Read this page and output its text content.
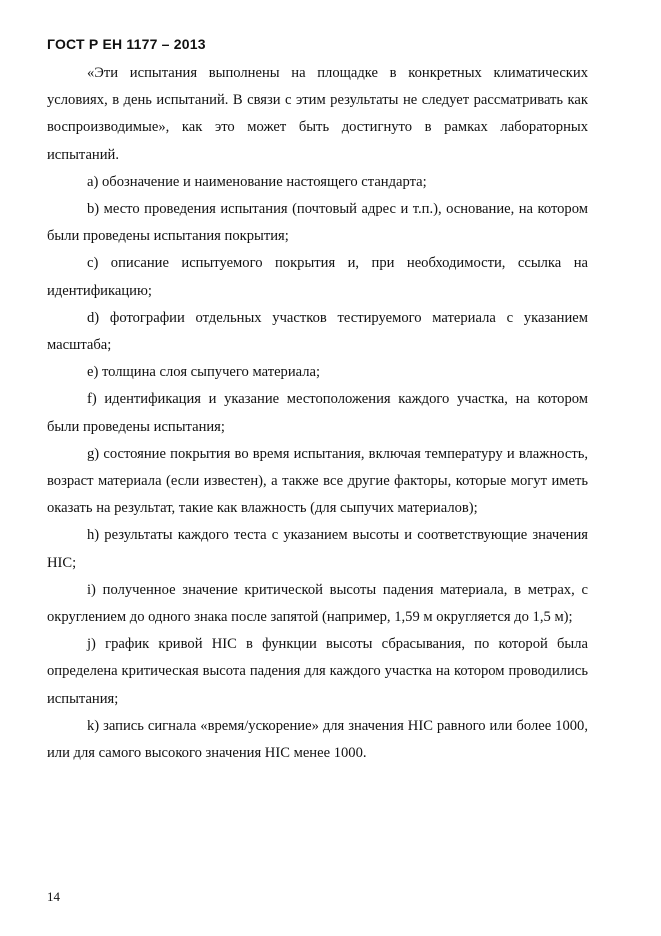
ГОСТ Р ЕН 1177 – 2013

«Эти испытания выполнены на площадке в конкретных климатических условиях, в день испытаний. В связи с этим результаты не следует рассматривать как воспроизводимые», как это может быть достигнуто в рамках лабораторных испытаний.

а) обозначение и наименование настоящего стандарта;

b) место проведения испытания (почтовый адрес и т.п.), основание, на котором были проведены испытания покрытия;

c) описание испытуемого покрытия и, при необходимости, ссылка на идентификацию;

d) фотографии отдельных участков тестируемого материала с указанием масштаба;

e) толщина слоя сыпучего материала;

f) идентификация и указание местоположения каждого участка, на котором были проведены испытания;

g) состояние покрытия во время испытания, включая температуру и влажность, возраст материала (если известен), а также все другие факторы, которые могут иметь оказать на результат, такие как влажность (для сыпучих материалов);

h) результаты каждого теста с указанием высоты и соответствующие значения HIC;

i) полученное значение критической высоты падения материала, в метрах, с округлением до одного знака после запятой (например, 1,59 м округляется до 1,5 м);

j) график кривой HIC в функции высоты сбрасывания, по которой была определена критическая высота падения для каждого участка на котором проводились испытания;

k) запись сигнала «время/ускорение» для значения HIC равного или более 1000, или для самого высокого значения HIC менее 1000.

14
